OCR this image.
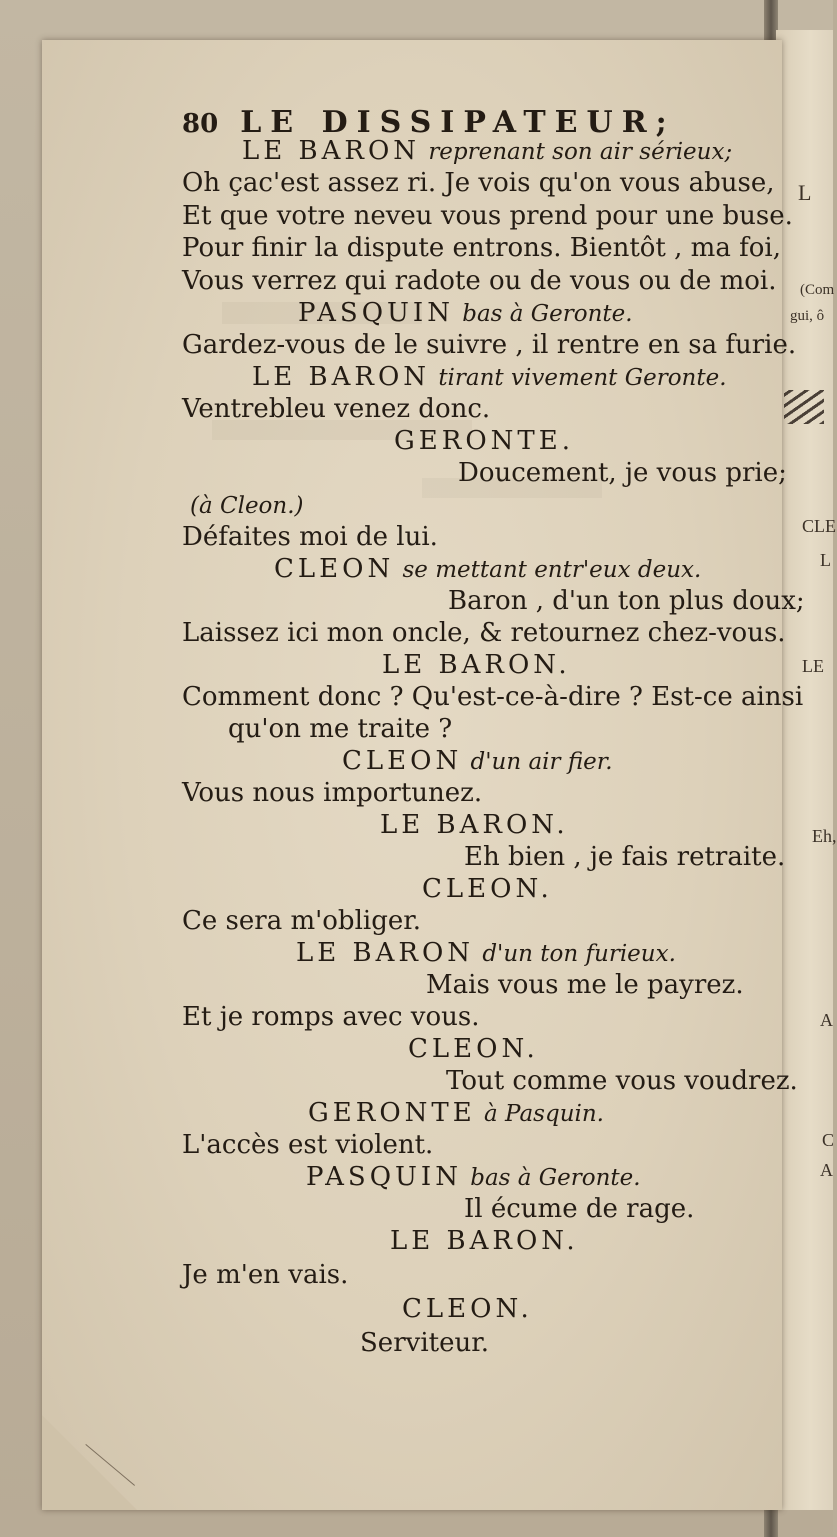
L
(Com
gui, ô
CLE
L
LE
Eh,
A
C
A
80 LE DISSIPATEUR;
LE BARON reprenant son air sérieux;
Oh çac'est assez ri. Je vois qu'on vous abuse,
Et que votre neveu vous prend pour une buse.
Pour finir la dispute entrons. Bientôt , ma foi,
Vous verrez qui radote ou de vous ou de moi.
PASQUIN bas à Geronte.
Gardez-vous de le suivre , il rentre en sa furie.
LE BARON tirant vivement Geronte.
Ventrebleu venez donc.
GERONTE.
Doucement, je vous prie;
(à Cleon.)
Défaites moi de lui.
CLEON se mettant entr'eux deux.
Baron , d'un ton plus doux;
Laissez ici mon oncle, & retournez chez-vous.
LE BARON.
Comment donc ? Qu'est-ce-à-dire ? Est-ce ainsi
qu'on me traite ?
CLEON d'un air fier.
Vous nous importunez.
LE BARON.
Eh bien , je fais retraite.
CLEON.
Ce sera m'obliger.
LE BARON d'un ton furieux.
Mais vous me le payrez.
Et je romps avec vous.
CLEON.
Tout comme vous voudrez.
GERONTE à Pasquin.
L'accès est violent.
PASQUIN bas à Geronte.
Il écume de rage.
LE BARON.
Je m'en vais.
CLEON.
Serviteur.
